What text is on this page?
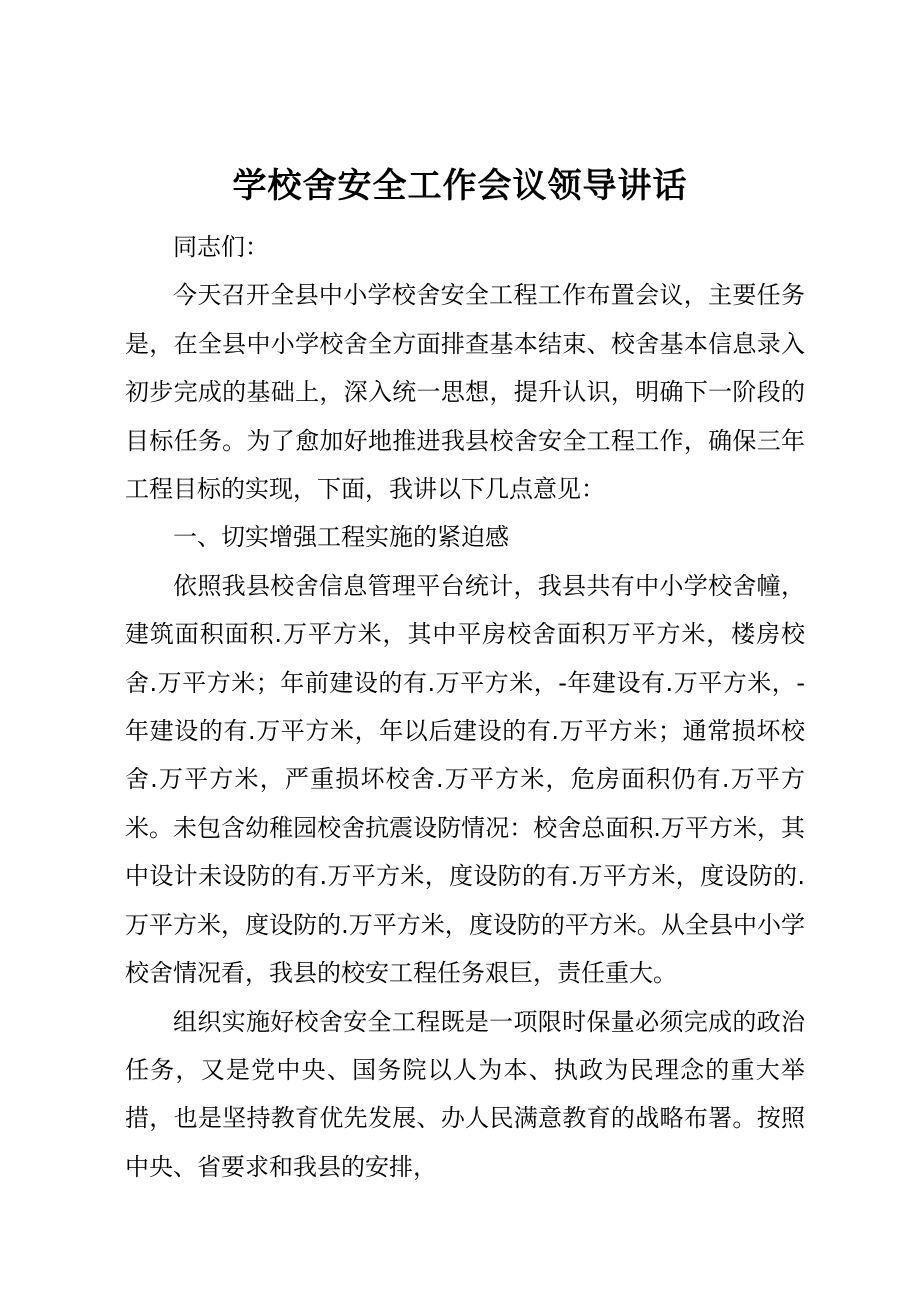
学校舍安全工作会议领导讲话

同志们：

今天召开全县中小学校舍安全工程工作布置会议，主要任务是，在全县中小学校舍全方面排查基本结束、校舍基本信息录入初步完成的基础上，深入统一思想，提升认识，明确下一阶段的目标任务。为了愈加好地推进我县校舍安全工程工作，确保三年工程目标的实现，下面，我讲以下几点意见：

一、切实增强工程实施的紧迫感

依照我县校舍信息管理平台统计，我县共有中小学校舍幢，建筑面积面积.万平方米，其中平房校舍面积万平方米，楼房校舍.万平方米；年前建设的有.万平方米，-年建设有.万平方米，-年建设的有.万平方米，年以后建设的有.万平方米；通常损坏校舍.万平方米，严重损坏校舍.万平方米，危房面积仍有.万平方米。未包含幼稚园校舍抗震设防情况：校舍总面积.万平方米，其中设计未设防的有.万平方米，度设防的有.万平方米，度设防的.万平方米，度设防的.万平方米，度设防的平方米。从全县中小学校舍情况看，我县的校安工程任务艰巨，责任重大。

组织实施好校舍安全工程既是一项限时保量必须完成的政治任务，又是党中央、国务院以人为本、执政为民理念的重大举措，也是坚持教育优先发展、办人民满意教育的战略布署。按照中央、省要求和我县的安排，
